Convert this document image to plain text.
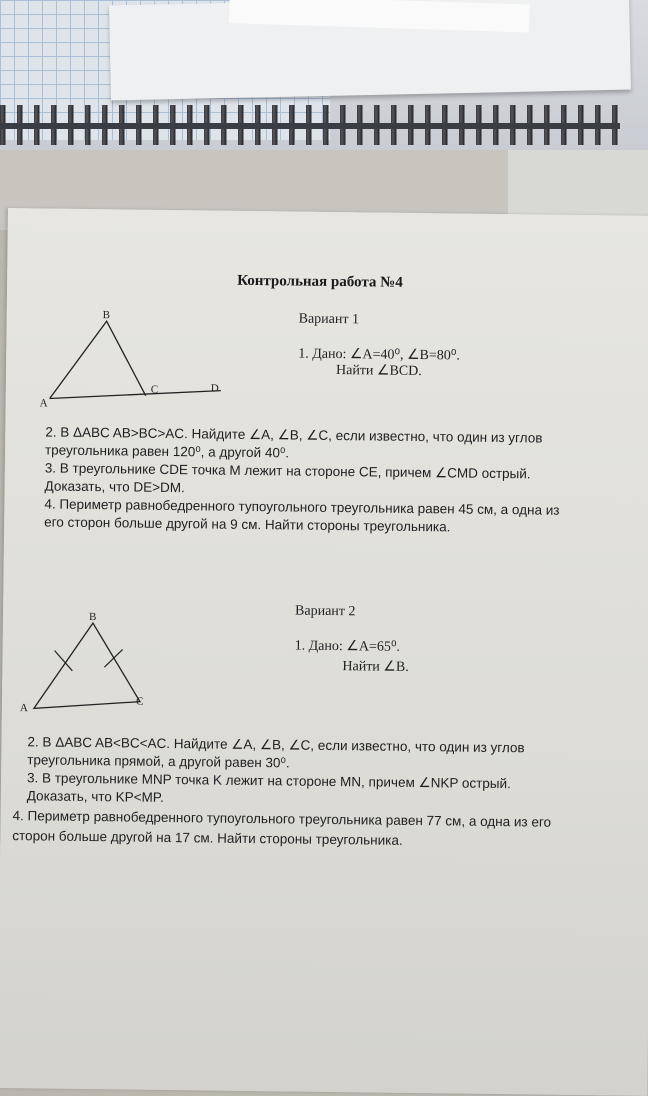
Контрольная работа №4
A
B
C	D
Вариант 1
1. Дано: ∠A=40⁰, ∠B=80⁰.
Найти ∠BCD.
2. В ΔABC AB>BC>AC. Найдите ∠A, ∠B, ∠C, если известно, что один из углов
треугольника равен 120⁰, а другой 40⁰.
3. В треугольнике CDE точка M лежит на стороне CE, причем ∠CMD острый.
Доказать, что DE>DM.
4. Периметр равнобедренного тупоугольного треугольника равен 45 см, а одна из
его сторон больше другой на 9 см. Найти стороны треугольника.
A
B
C
Вариант 2
1. Дано: ∠A=65⁰.
Найти ∠B.
2. В ΔABC AB<BC<AC. Найдите ∠A, ∠B, ∠C, если известно, что один из углов
треугольника прямой, а другой равен 30⁰.
3. В треугольнике MNP точка K лежит на стороне MN, причем ∠NKP острый.
Доказать, что KP<MP.
4. Периметр равнобедренного тупоугольного треугольника равен 77 см, а одна из его
сторон больше другой на 17 см. Найти стороны треугольника.
